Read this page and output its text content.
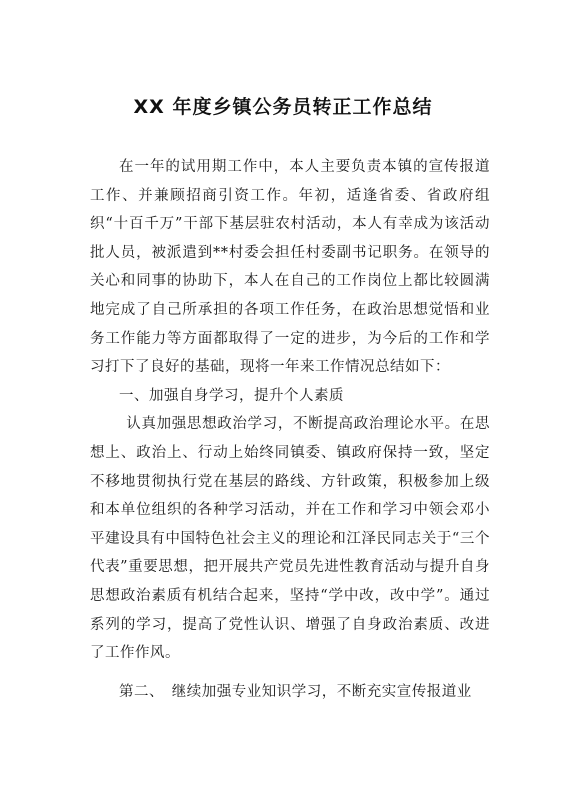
XX 年度乡镇公务员转正工作总结

在一年的试用期工作中，本人主要负责本镇的宣传报道工作、并兼顾招商引资工作。年初，适逢省委、省政府组织“十百千万”干部下基层驻农村活动，本人有幸成为该活动批人员，被派遣到**村委会担任村委副书记职务。在领导的关心和同事的协助下，本人在自己的工作岗位上都比较圆满地完成了自己所承担的各项工作任务，在政治思想觉悟和业务工作能力等方面都取得了一定的进步，为今后的工作和学习打下了良好的基础，现将一年来工作情况总结如下：

一、加强自身学习，提升个人素质

认真加强思想政治学习，不断提高政治理论水平。在思想上、政治上、行动上始终同镇委、镇政府保持一致，坚定不移地贯彻执行党在基层的路线、方针政策，积极参加上级和本单位组织的各种学习活动，并在工作和学习中领会邓小平建设具有中国特色社会主义的理论和江泽民同志关于“三个代表”重要思想，把开展共产党员先进性教育活动与提升自身思想政治素质有机结合起来，坚持“学中改，改中学”。通过系列的学习，提高了党性认识、增强了自身政治素质、改进了工作作风。

第二、　继续加强专业知识学习，不断充实宣传报道业
